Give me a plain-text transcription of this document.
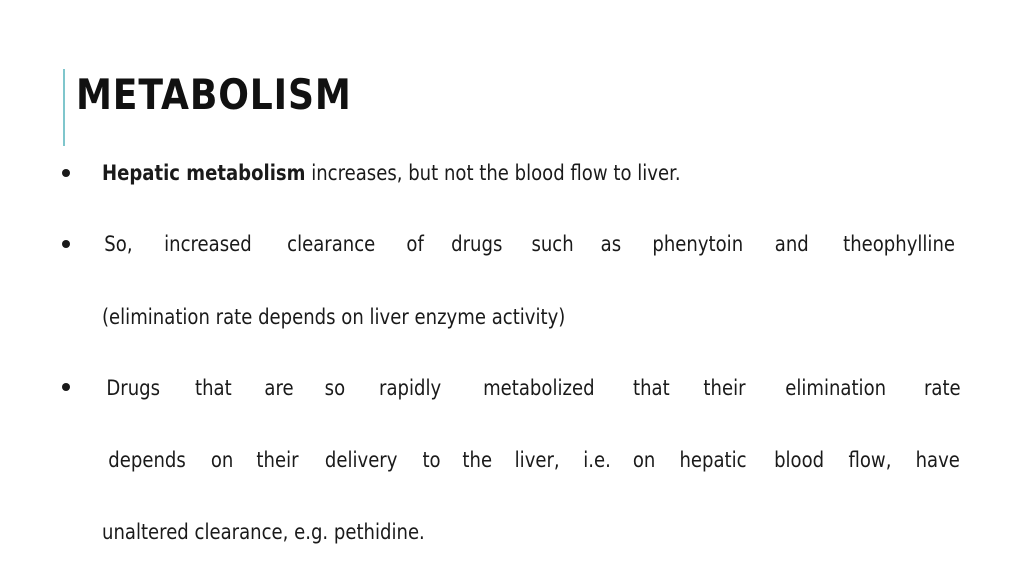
METABOLISM
Hepatic metabolism increases, but not the blood flow to liver.
So, increased clearance of drugs such as phenytoin and theophylline
(elimination rate depends on liver enzyme activity)
Drugs that are so rapidly metabolized that their elimination rate
depends on their delivery to the liver, i.e. on hepatic blood flow, have
unaltered clearance, e.g. pethidine.
